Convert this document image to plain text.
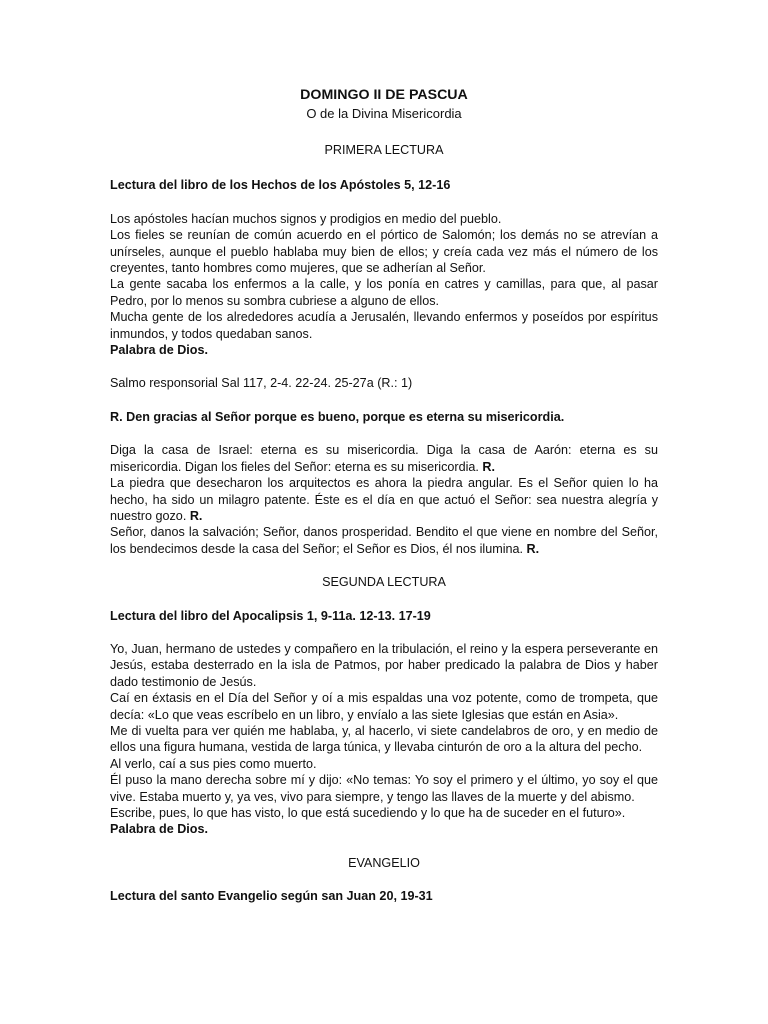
DOMINGO II DE PASCUA

O de la Divina Misericordia

PRIMERA LECTURA

Lectura del libro de los Hechos de los Apóstoles 5, 12-16

Los apóstoles hacían muchos signos y prodigios en medio del pueblo.

Los fieles se reunían de común acuerdo en el pórtico de Salomón; los demás no se atrevían a unírseles, aunque el pueblo hablaba muy bien de ellos; y creía cada vez más el número de los creyentes, tanto hombres como mujeres, que se adherían al Señor.

La gente sacaba los enfermos a la calle, y los ponía en catres y camillas, para que, al pasar Pedro, por lo menos su sombra cubriese a alguno de ellos.

Mucha gente de los alrededores acudía a Jerusalén, llevando enfermos y poseídos por espíritus inmundos, y todos quedaban sanos.

Palabra de Dios.

Salmo responsorial Sal 117, 2-4. 22-24. 25-27a (R.: 1)

R. Den gracias al Señor porque es bueno, porque es eterna su misericordia.

Diga la casa de Israel: eterna es su misericordia. Diga la casa de Aarón: eterna es su misericordia. Digan los fieles del Señor: eterna es su misericordia. R.

La piedra que desecharon los arquitectos es ahora la piedra angular. Es el Señor quien lo ha hecho, ha sido un milagro patente. Éste es el día en que actuó el Señor: sea nuestra alegría y nuestro gozo. R.

Señor, danos la salvación; Señor, danos prosperidad. Bendito el que viene en nombre del Señor, los bendecimos desde la casa del Señor; el Señor es Dios, él nos ilumina. R.

SEGUNDA LECTURA

Lectura del libro del Apocalipsis 1, 9-11a. 12-13. 17-19

Yo, Juan, hermano de ustedes y compañero en la tribulación, el reino y la espera perseverante en Jesús, estaba desterrado en la isla de Patmos, por haber predicado la palabra de Dios y haber dado testimonio de Jesús.

Caí en éxtasis en el Día del Señor y oí a mis espaldas una voz potente, como de trompeta, que decía: «Lo que veas escríbelo en un libro, y envíalo a las siete Iglesias que están en Asia».

Me di vuelta para ver quién me hablaba, y, al hacerlo, vi siete candelabros de oro, y en medio de ellos una figura humana, vestida de larga túnica, y llevaba cinturón de oro a la altura del pecho.

Al verlo, caí a sus pies como muerto.

Él puso la mano derecha sobre mí y dijo: «No temas: Yo soy el primero y el último, yo soy el que vive. Estaba muerto y, ya ves, vivo para siempre, y tengo las llaves de la muerte y del abismo.

Escribe, pues, lo que has visto, lo que está sucediendo y lo que ha de suceder en el futuro».

Palabra de Dios.

EVANGELIO

Lectura del santo Evangelio según san Juan 20, 19-31
